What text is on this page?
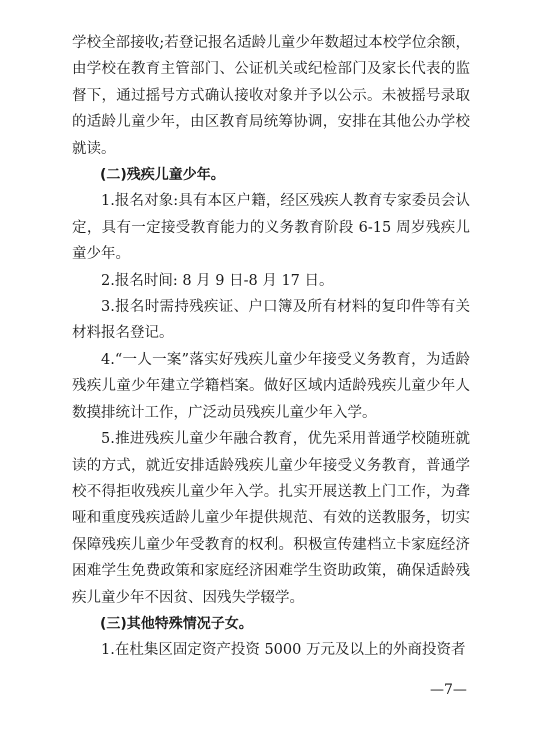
学校全部接收;若登记报名适龄儿童少年数超过本校学位余额，由学校在教育主管部门、公证机关或纪检部门及家长代表的监督下，通过摇号方式确认接收对象并予以公示。未被摇号录取的适龄儿童少年，由区教育局统筹协调，安排在其他公办学校就读。

(二)残疾儿童少年。

1.报名对象:具有本区户籍，经区残疾人教育专家委员会认定，具有一定接受教育能力的义务教育阶段 6-15 周岁残疾儿童少年。

2.报名时间: 8 月 9 日-8 月 17 日。

3.报名时需持残疾证、户口簿及所有材料的复印件等有关材料报名登记。

4.“一人一案”落实好残疾儿童少年接受义务教育，为适龄残疾儿童少年建立学籍档案。做好区域内适龄残疾儿童少年人数摸排统计工作，广泛动员残疾儿童少年入学。

5.推进残疾儿童少年融合教育，优先采用普通学校随班就读的方式，就近安排适龄残疾儿童少年接受义务教育，普通学校不得拒收残疾儿童少年入学。扎实开展送教上门工作，为聋哑和重度残疾适龄儿童少年提供规范、有效的送教服务，切实保障残疾儿童少年受教育的权利。积极宣传建档立卡家庭经济困难学生免费政策和家庭经济困难学生资助政策，确保适龄残疾儿童少年不因贫、因残失学辍学。

(三)其他特殊情况子女。

1.在杜集区固定资产投资 5000 万元及以上的外商投资者

—7—
